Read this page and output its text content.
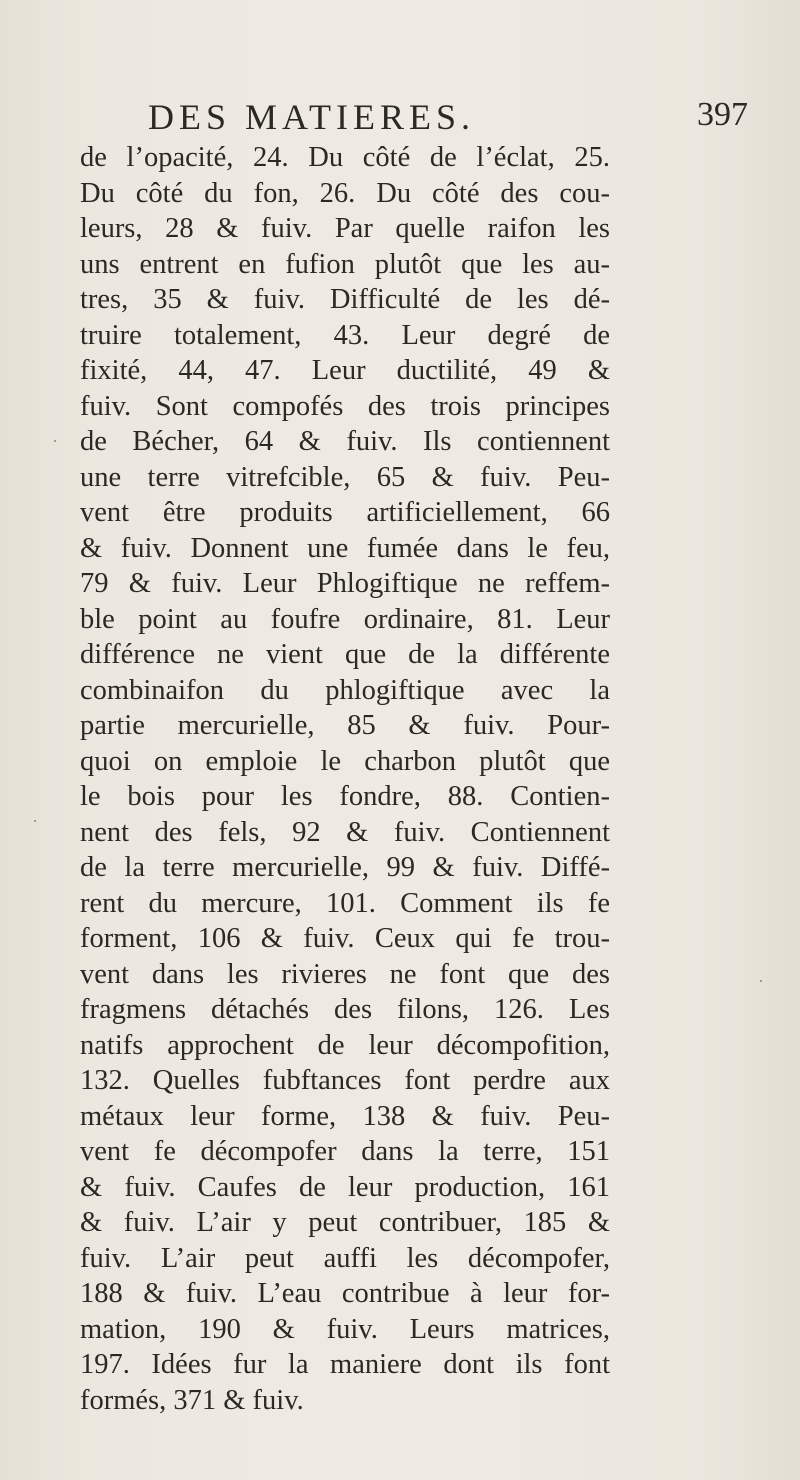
DES MATIERES.	397
de l’opacité, 24. Du côté de l’éclat, 25.
Du côté du fon, 26. Du côté des cou-
leurs, 28 & fuiv. Par quelle raifon les
uns entrent en fufion plutôt que les au-
tres, 35 & fuiv. Difficulté de les dé-
truire totalement, 43. Leur degré de
fixité, 44, 47. Leur ductilité, 49 &
fuiv. Sont compofés des trois principes
de Bécher, 64 & fuiv. Ils contiennent
une terre vitrefcible, 65 & fuiv. Peu-
vent être produits artificiellement, 66
& fuiv. Donnent une fumée dans le feu,
79 & fuiv. Leur Phlogiftique ne reffem-
ble point au foufre ordinaire, 81. Leur
différence ne vient que de la différente
combinaifon du phlogiftique avec la
partie mercurielle, 85 & fuiv. Pour-
quoi on emploie le charbon plutôt que
le bois pour les fondre, 88. Contien-
nent des fels, 92 & fuiv. Contiennent
de la terre mercurielle, 99 & fuiv. Diffé-
rent du mercure, 101. Comment ils fe
forment, 106 & fuiv. Ceux qui fe trou-
vent dans les rivieres ne font que des
fragmens détachés des filons, 126. Les
natifs approchent de leur décompofition,
132. Quelles fubftances font perdre aux
métaux leur forme, 138 & fuiv. Peu-
vent fe décompofer dans la terre, 151
& fuiv. Caufes de leur production, 161
& fuiv. L’air y peut contribuer, 185 &
fuiv. L’air peut auffi les décompofer,
188 & fuiv. L’eau contribue à leur for-
mation, 190 & fuiv. Leurs matrices,
197. Idées fur la maniere dont ils font
formés, 371 & fuiv.
